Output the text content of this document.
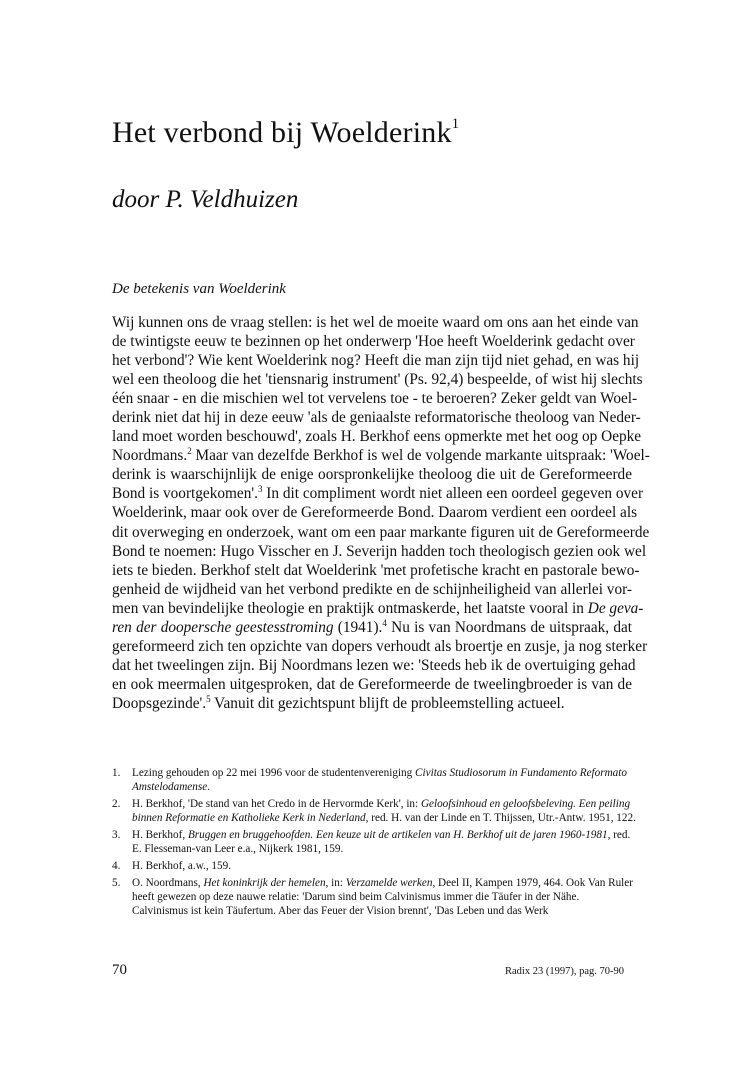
Het verbond bij Woelderink$^1$
door P. Veldhuizen
De betekenis van Woelderink
Wij kunnen ons de vraag stellen: is het wel de moeite waard om ons aan het einde van
de twintigste eeuw te bezinnen op het onderwerp 'Hoe heeft Woelderink gedacht over
het verbond'? Wie kent Woelderink nog? Heeft die man zijn tijd niet gehad, en was hij
wel een theoloog die het 'tiensnarig instrument' (Ps. 92,4) bespeelde, of wist hij slechts
één snaar - en die mischien wel tot vervelens toe - te beroeren? Zeker geldt van Woel-
derink niet dat hij in deze eeuw 'als de geniaalste reformatorische theoloog van Neder-
land moet worden beschouwd', zoals H. Berkhof eens opmerkte met het oog op Oepke
Noordmans.$^2$ Maar van dezelfde Berkhof is wel de volgende markante uitspraak: 'Woel-
derink is waarschijnlijk de enige oorspronkelijke theoloog die uit de Gereformeerde
Bond is voortgekomen'.$^3$ In dit compliment wordt niet alleen een oordeel gegeven over
Woelderink, maar ook over de Gereformeerde Bond. Daarom verdient een oordeel als
dit overweging en onderzoek, want om een paar markante figuren uit de Gereformeerde
Bond te noemen: Hugo Visscher en J. Severijn hadden toch theologisch gezien ook wel
iets te bieden. Berkhof stelt dat Woelderink 'met profetische kracht en pastorale bewo-
genheid de wijdheid van het verbond predikte en de schijnheiligheid van allerlei vor-
men van bevindelijke theologie en praktijk ontmaskerde, het laatste vooral in De geva-
ren der doopersche geestesstroming (1941).$^4$ Nu is van Noordmans de uitspraak, dat
gereformeerd zich ten opzichte van dopers verhoudt als broertje en zusje, ja nog sterker
dat het tweelingen zijn. Bij Noordmans lezen we: 'Steeds heb ik de overtuiging gehad
en ook meermalen uitgesproken, dat de Gereformeerde de tweelingbroeder is van de
Doopsgezinde'.$^5$ Vanuit dit gezichtspunt blijft de probleemstelling actueel.
1. Lezing gehouden op 22 mei 1996 voor de studentenvereniging Civitas Studiosorum in Fundamento Reformato Amstelodamense.
2. H. Berkhof, 'De stand van het Credo in de Hervormde Kerk', in: Geloofsinhoud en geloofsbeleving. Een peiling binnen Reformatie en Katholieke Kerk in Nederland, red. H. van der Linde en T. Thijssen, Utr.-Antw. 1951, 122.
3. H. Berkhof, Bruggen en bruggehoofden. Een keuze uit de artikelen van H. Berkhof uit de jaren 1960-1981, red. E. Flesseman-van Leer e.a., Nijkerk 1981, 159.
4. H. Berkhof, a.w., 159.
5. O. Noordmans, Het koninkrijk der hemelen, in: Verzamelde werken, Deel II, Kampen 1979, 464. Ook Van Ruler heeft gewezen op deze nauwe relatie: 'Darum sind beim Calvinismus immer die Täufer in der Nähe. Calvinismus ist kein Täufertum. Aber das Feuer der Vision brennt', 'Das Leben und das Werk
70	Radix 23 (1997), pag. 70-90
